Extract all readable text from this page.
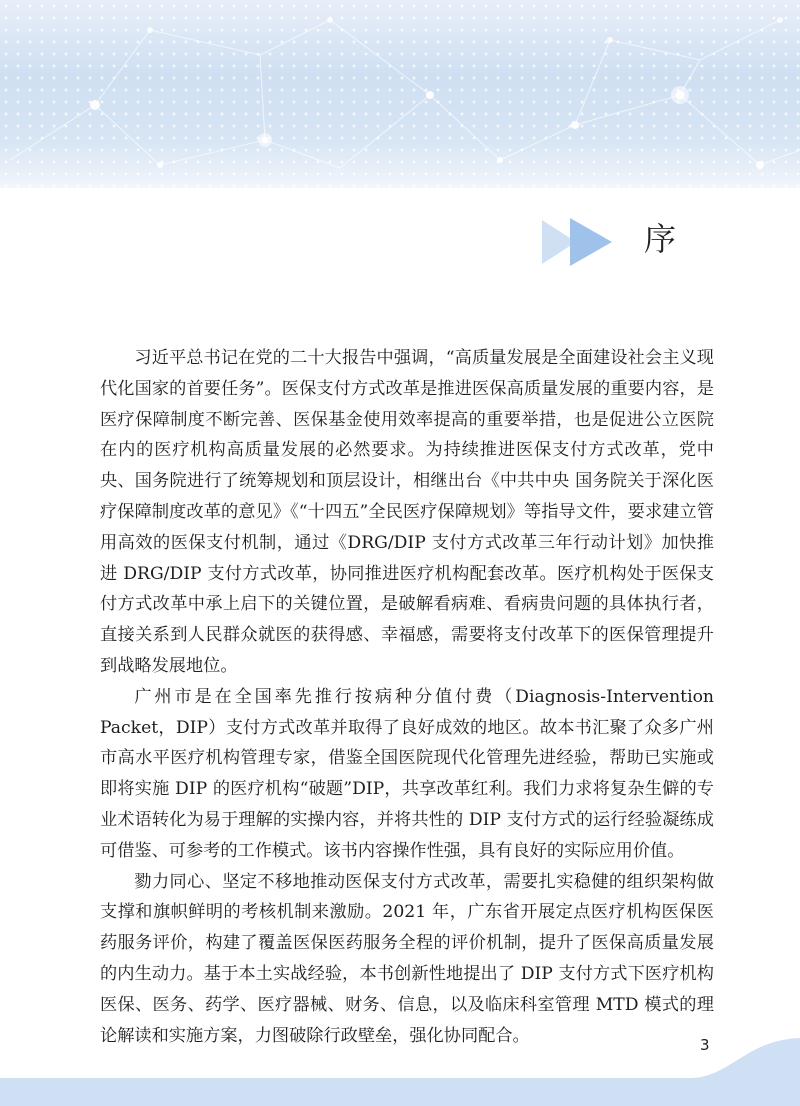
序

习近平总书记在党的二十大报告中强调，“高质量发展是全面建设社会主义现代化国家的首要任务”。医保支付方式改革是推进医保高质量发展的重要内容，是医疗保障制度不断完善、医保基金使用效率提高的重要举措，也是促进公立医院在内的医疗机构高质量发展的必然要求。为持续推进医保支付方式改革，党中央、国务院进行了统筹规划和顶层设计，相继出台《中共中央 国务院关于深化医疗保障制度改革的意见》《“十四五”全民医疗保障规划》等指导文件，要求建立管用高效的医保支付机制，通过《DRG/DIP 支付方式改革三年行动计划》加快推进 DRG/DIP 支付方式改革，协同推进医疗机构配套改革。医疗机构处于医保支付方式改革中承上启下的关键位置，是破解看病难、看病贵问题的具体执行者，直接关系到人民群众就医的获得感、幸福感，需要将支付改革下的医保管理提升到战略发展地位。

广州市是在全国率先推行按病种分值付费（Diagnosis-Intervention Packet，DIP）支付方式改革并取得了良好成效的地区。故本书汇聚了众多广州市高水平医疗机构管理专家，借鉴全国医院现代化管理先进经验，帮助已实施或即将实施 DIP 的医疗机构“破题”DIP，共享改革红利。我们力求将复杂生僻的专业术语转化为易于理解的实操内容，并将共性的 DIP 支付方式的运行经验凝练成可借鉴、可参考的工作模式。该书内容操作性强，具有良好的实际应用价值。

勠力同心、坚定不移地推动医保支付方式改革，需要扎实稳健的组织架构做支撑和旗帜鲜明的考核机制来激励。2021 年，广东省开展定点医疗机构医保医药服务评价，构建了覆盖医保医药服务全程的评价机制，提升了医保高质量发展的内生动力。基于本土实战经验，本书创新性地提出了 DIP 支付方式下医疗机构医保、医务、药学、医疗器械、财务、信息，以及临床科室管理 MTD 模式的理论解读和实施方案，力图破除行政壁垒，强化协同配合。	3
